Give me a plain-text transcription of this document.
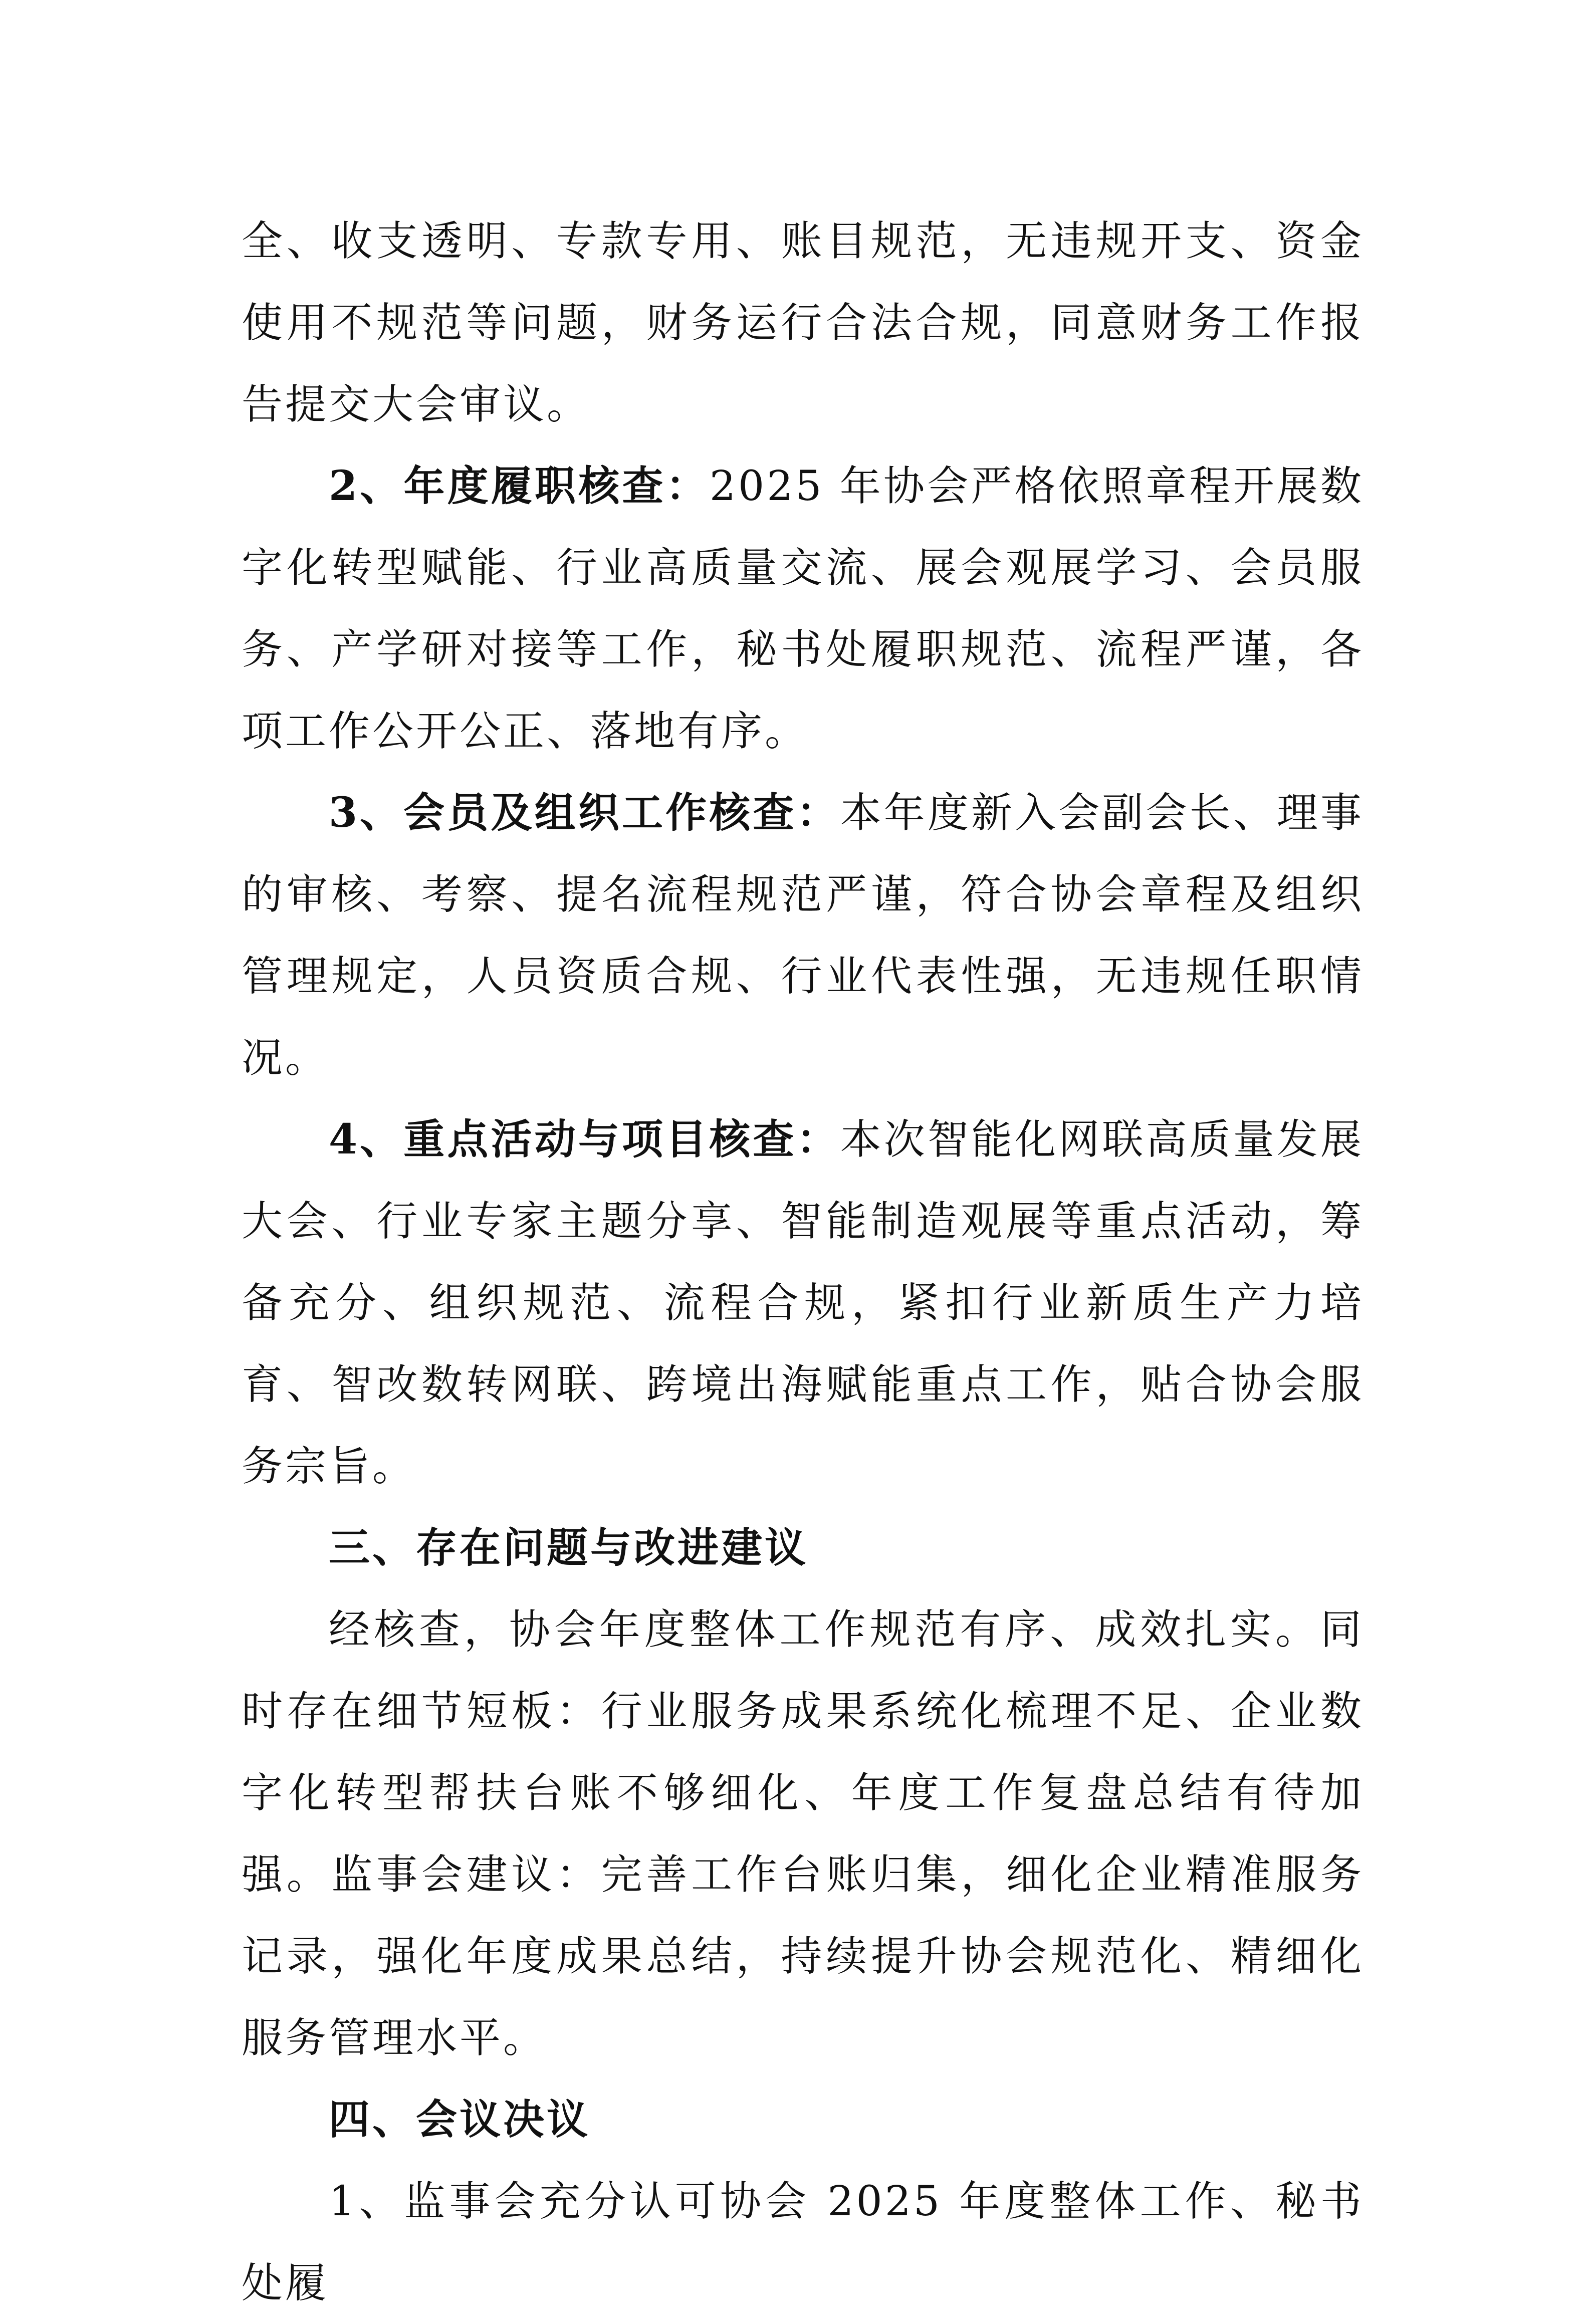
全、收支透明、专款专用、账目规范，无违规开支、资金使用不规范等问题，财务运行合法合规，同意财务工作报告提交大会审议。

2、年度履职核查：2025 年协会严格依照章程开展数字化转型赋能、行业高质量交流、展会观展学习、会员服务、产学研对接等工作，秘书处履职规范、流程严谨，各项工作公开公正、落地有序。

3、会员及组织工作核查：本年度新入会副会长、理事的审核、考察、提名流程规范严谨，符合协会章程及组织管理规定，人员资质合规、行业代表性强，无违规任职情况。

4、重点活动与项目核查：本次智能化网联高质量发展大会、行业专家主题分享、智能制造观展等重点活动，筹备充分、组织规范、流程合规，紧扣行业新质生产力培育、智改数转网联、跨境出海赋能重点工作，贴合协会服务宗旨。

三、存在问题与改进建议

经核查，协会年度整体工作规范有序、成效扎实。同时存在细节短板：行业服务成果系统化梳理不足、企业数字化转型帮扶台账不够细化、年度工作复盘总结有待加强。监事会建议：完善工作台账归集，细化企业精准服务记录，强化年度成果总结，持续提升协会规范化、精细化服务管理水平。

四、会议决议

1、监事会充分认可协会 2025 年度整体工作、秘书处履
